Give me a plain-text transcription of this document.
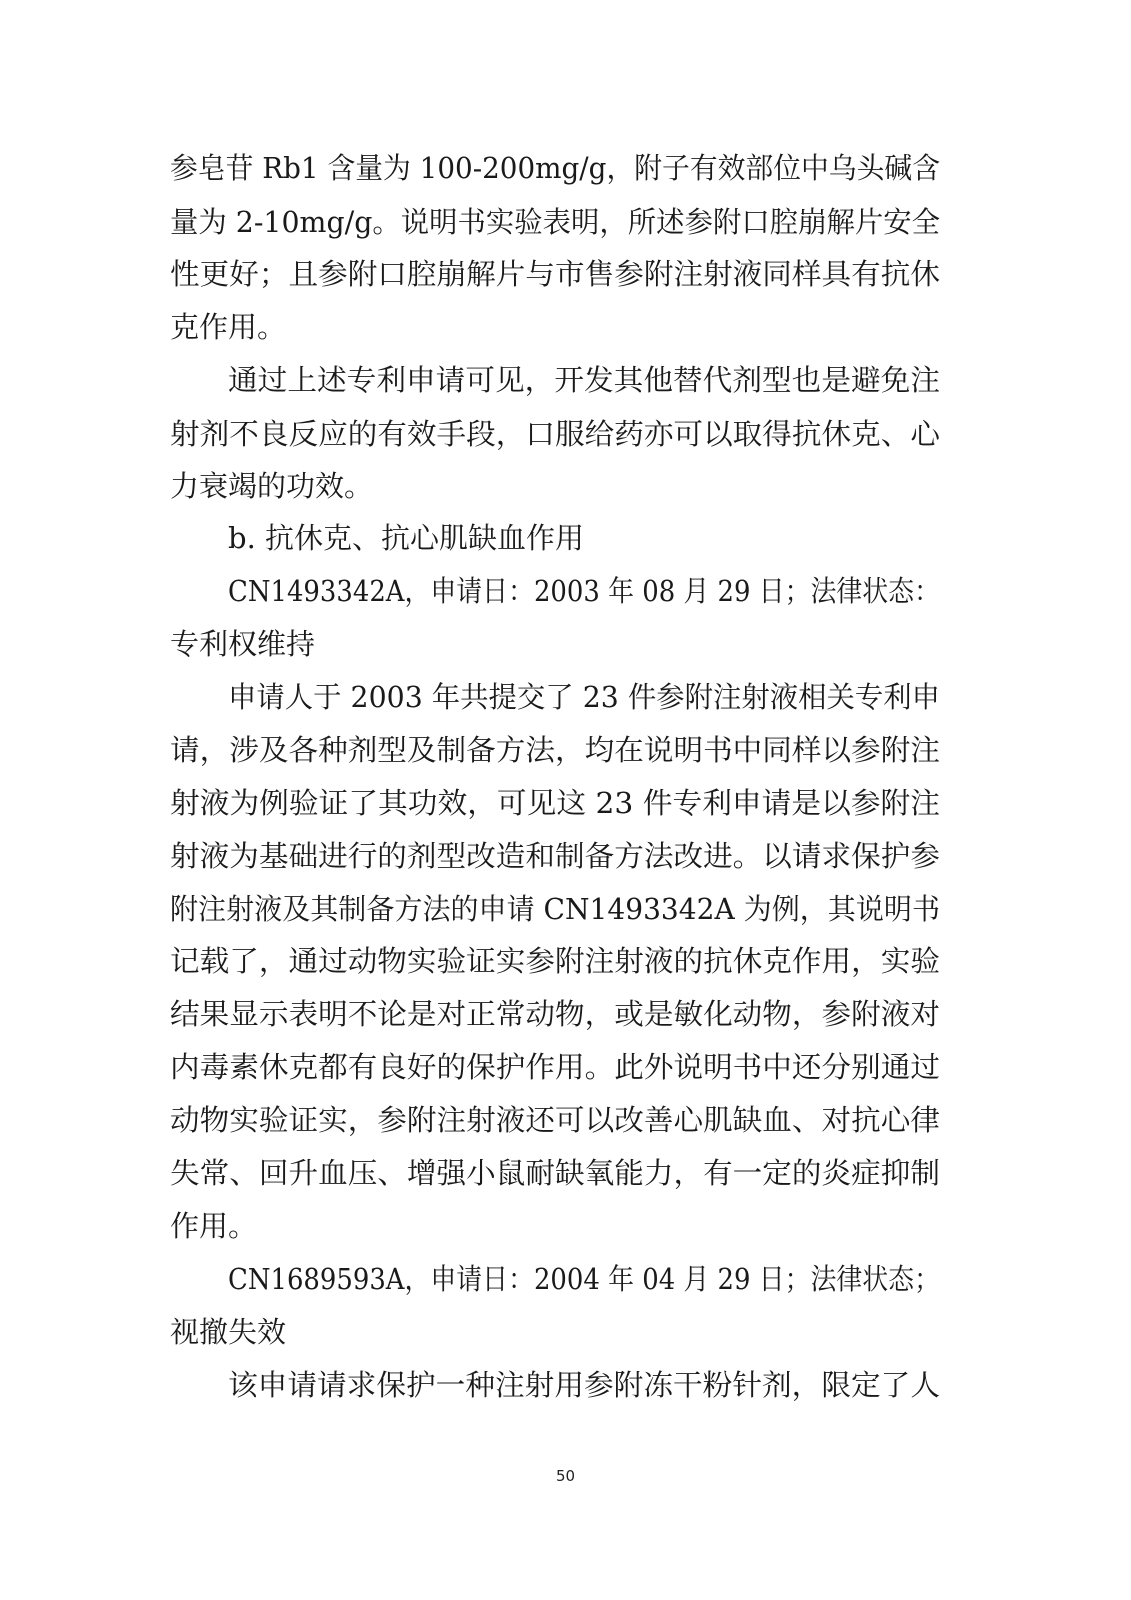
参皂苷 Rb1 含量为 100-200mg/g，附子有效部位中乌头碱含
量为 2-10mg/g。说明书实验表明，所述参附口腔崩解片安全
性更好；且参附口腔崩解片与市售参附注射液同样具有抗休
克作用。
通过上述专利申请可见，开发其他替代剂型也是避免注
射剂不良反应的有效手段，口服给药亦可以取得抗休克、心
力衰竭的功效。
b. 抗休克、抗心肌缺血作用
CN1493342A，申请日：2003 年 08 月 29 日；法律状态：
专利权维持
申请人于 2003 年共提交了 23 件参附注射液相关专利申
请，涉及各种剂型及制备方法，均在说明书中同样以参附注
射液为例验证了其功效，可见这 23 件专利申请是以参附注
射液为基础进行的剂型改造和制备方法改进。以请求保护参
附注射液及其制备方法的申请 CN1493342A 为例，其说明书
记载了，通过动物实验证实参附注射液的抗休克作用，实验
结果显示表明不论是对正常动物，或是敏化动物，参附液对
内毒素休克都有良好的保护作用。此外说明书中还分别通过
动物实验证实，参附注射液还可以改善心肌缺血、对抗心律
失常、回升血压、增强小鼠耐缺氧能力，有一定的炎症抑制
作用。
CN1689593A，申请日：2004 年 04 月 29 日；法律状态；
视撤失效
该申请请求保护一种注射用参附冻干粉针剂，限定了人
50
